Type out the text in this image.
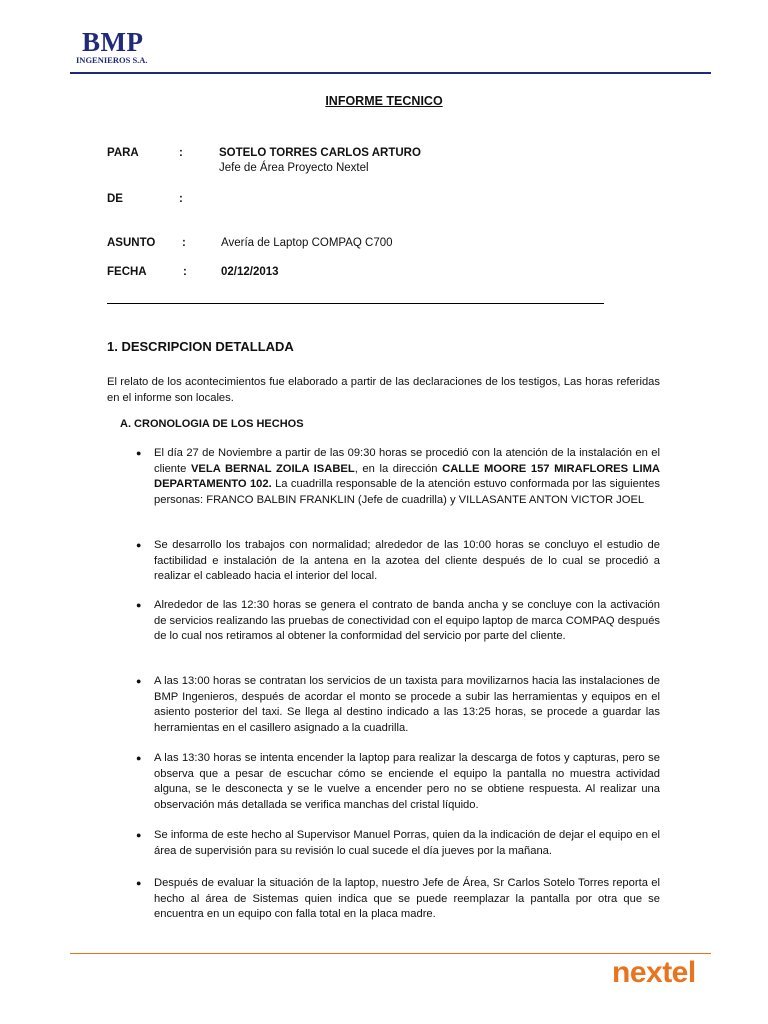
BMP
INGENIEROS S.A.
INFORME TECNICO
PARA	:	SOTELO TORRES CARLOS ARTURO
Jefe de Área Proyecto Nextel
DE	:
ASUNTO :	Avería de Laptop COMPAQ C700
FECHA	:	02/12/2013
1. DESCRIPCION DETALLADA
El relato de los acontecimientos fue elaborado a partir de las declaraciones de los testigos, Las horas referidas en el informe son locales.
A. CRONOLOGIA DE LOS HECHOS
● El día 27 de Noviembre a partir de las 09:30 horas se procedió con la atención de la instalación en el cliente VELA BERNAL ZOILA ISABEL, en la dirección CALLE MOORE 157 MIRAFLORES LIMA DEPARTAMENTO 102. La cuadrilla responsable de la atención estuvo conformada por las siguientes personas: FRANCO BALBIN FRANKLIN (Jefe de cuadrilla) y VILLASANTE ANTON VICTOR JOEL
● Se desarrollo los trabajos con normalidad; alrededor de las 10:00 horas se concluyo el estudio de factibilidad e instalación de la antena en la azotea del cliente después de lo cual se procedió a realizar el cableado hacia el interior del local.
● Alrededor de las 12:30 horas se genera el contrato de banda ancha y se concluye con la activación de servicios realizando las pruebas de conectividad con el equipo laptop de marca COMPAQ después de lo cual nos retiramos al obtener la conformidad del servicio por parte del cliente.
● A las 13:00 horas se contratan los servicios de un taxista para movilizarnos hacia las instalaciones de BMP Ingenieros, después de acordar el monto se procede a subir las herramientas y equipos en el asiento posterior del taxi. Se llega al destino indicado a las 13:25 horas, se procede a guardar las herramientas en el casillero asignado a la cuadrilla.
● A las 13:30 horas se intenta encender la laptop para realizar la descarga de fotos y capturas, pero se observa que a pesar de escuchar cómo se enciende el equipo la pantalla no muestra actividad alguna, se le desconecta y se le vuelve a encender pero no se obtiene respuesta. Al realizar una observación más detallada se verifica manchas del cristal líquido.
● Se informa de este hecho al Supervisor Manuel Porras, quien da la indicación de dejar el equipo en el área de supervisión para su revisión lo cual sucede el día jueves por la mañana.
● Después de evaluar la situación de la laptop, nuestro Jefe de Área, Sr Carlos Sotelo Torres reporta el hecho al área de Sistemas quien indica que se puede reemplazar la pantalla por otra que se encuentra en un equipo con falla total en la placa madre.
nextel
